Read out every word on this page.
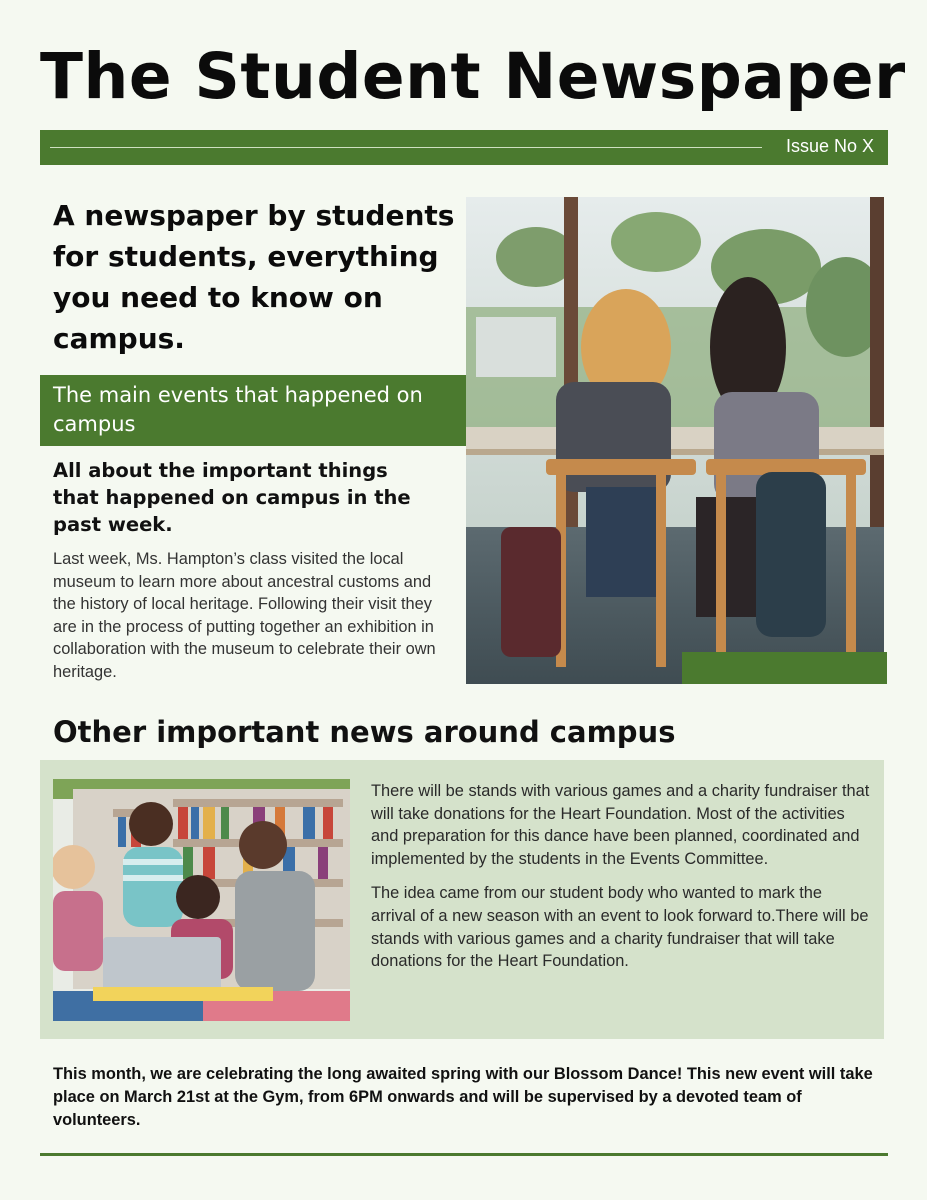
The Student Newspaper
Issue No X
A newspaper by students for students, everything you need to know on campus.
The main events that happened on campus
All about the important things that happened on campus in the past week.

Last week, Ms. Hampton’s class visited the local museum to learn more about ancestral customs and the history of local heritage. Following their visit they are in the process of putting together an exhibition in collaboration with the museum to celebrate their own heritage.

Other important news around campus

There will be stands with various games and a charity fundraiser that will take donations for the Heart Foundation. Most of the activities and preparation for this dance have been planned, coordinated and implemented by the students in the Events Committee.

The idea came from our student body who wanted to mark the arrival of a new season with an event to look forward to.There will be stands with various games and a charity fundraiser that will take donations for the Heart Foundation.

This month, we are celebrating the long awaited spring with our Blossom Dance! This new event will take place on March 21st at the Gym, from 6PM onwards and will be supervised by a devoted team of volunteers.
